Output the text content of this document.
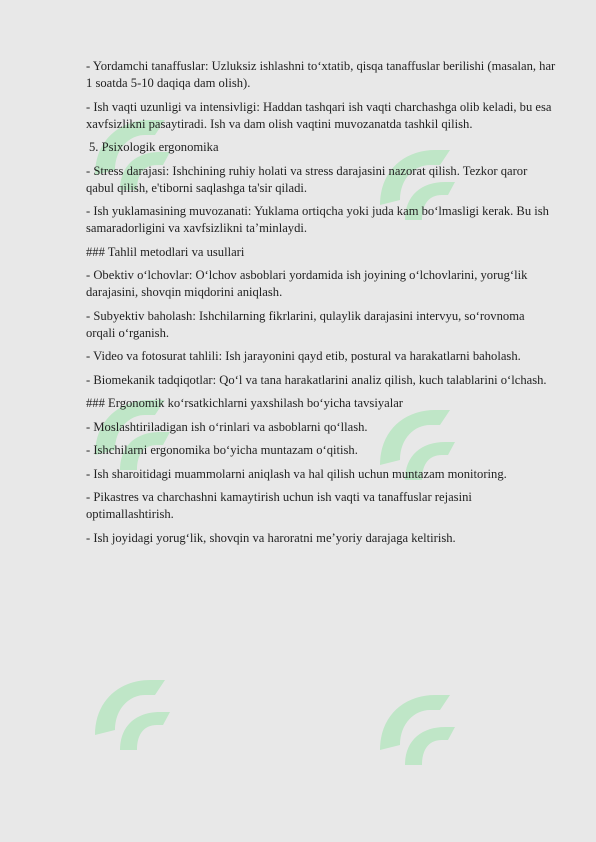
- Yordamchi tanaffuslar: Uzluksiz ishlashni to‘xtatib, qisqa tanaffuslar berilishi (masalan, har 1 soatda 5-10 daqiqa dam olish).

- Ish vaqti uzunligi va intensivligi: Haddan tashqari ish vaqti charchashga olib keladi, bu esa xavfsizlikni pasaytiradi. Ish va dam olish vaqtini muvozanatda tashkil qilish.

5. Psixologik ergonomika

- Stress darajasi: Ishchining ruhiy holati va stress darajasini nazorat qilish. Tezkor qaror qabul qilish, e'tiborni saqlashga ta'sir qiladi.

- Ish yuklamasining muvozanati: Yuklama ortiqcha yoki juda kam bo‘lmasligi kerak. Bu ish samaradorligini va xavfsizlikni ta’minlaydi.

### Tahlil metodlari va usullari

- Obektiv o‘lchovlar: O‘lchov asboblari yordamida ish joyining o‘lchovlarini, yorug‘lik darajasini, shovqin miqdorini aniqlash.

- Subyektiv baholash: Ishchilarning fikrlarini, qulaylik darajasini intervyu, so‘rovnoma orqali o‘rganish.

- Video va fotosurat tahlili: Ish jarayonini qayd etib, postural va harakatlarni baholash.

- Biomekanik tadqiqotlar: Qo‘l va tana harakatlarini analiz qilish, kuch talablarini o‘lchash.

### Ergonomik ko‘rsatkichlarni yaxshilash bo‘yicha tavsiyalar

- Moslashtiriladigan ish o‘rinlari va asboblarni qo‘llash.

- Ishchilarni ergonomika bo‘yicha muntazam o‘qitish.

- Ish sharoitidagi muammolarni aniqlash va hal qilish uchun muntazam monitoring.

- Pikastres va charchashni kamaytirish uchun ish vaqti va tanaffuslar rejasini optimallashtirish.

- Ish joyidagi yorug‘lik, shovqin va haroratni me’yoriy darajaga keltirish.
